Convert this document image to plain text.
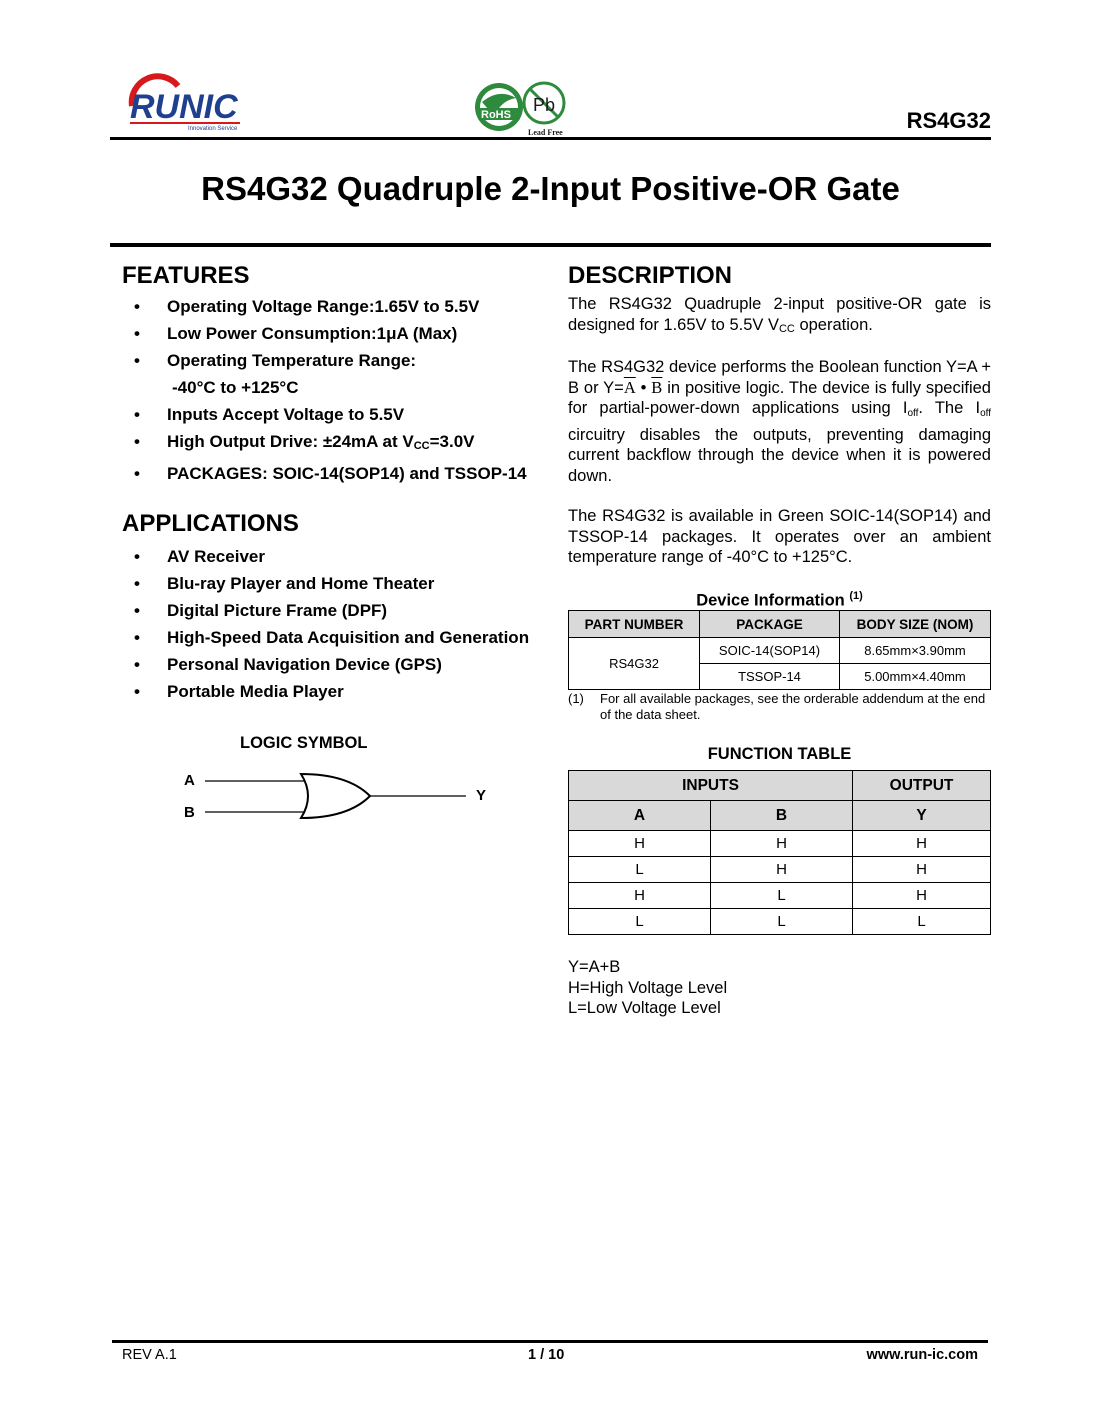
RUNIC
Innovation Service
RoHS Pb
Lead Free	RS4G32
RS4G32 Quadruple 2-Input Positive-OR Gate
FEATURES
• Operating Voltage Range:1.65V to 5.5V
• Low Power Consumption:1μA (Max)
• Operating Temperature Range:
-40°C to +125°C
• Inputs Accept Voltage to 5.5V
• High Output Drive: ±24mA at $V_{CC}=3.0V$
• PACKAGES: SOIC-14(SOP14) and TSSOP-14
APPLICATIONS
• AV Receiver
• Blu-ray Player and Home Theater
• Digital Picture Frame (DPF)
• High-Speed Data Acquisition and Generation
• Personal Navigation Device (GPS)
• Portable Media Player
LOGIC SYMBOL
A
B
Y
DESCRIPTION
The RS4G32 Quadruple 2-input positive-OR gate is designed for 1.65V to 5.5V $V_{CC}$ operation.
The RS4G32 device performs the Boolean function Y=A + B or $Y=\overline{A}$ • $\overline{B}$ in positive logic. The device is fully specified for partial-power-down applications using Ioff. The Ioff circuitry disables the outputs, preventing damaging current backflow through the device when it is powered down.
The RS4G32 is available in Green SOIC-14(SOP14) and TSSOP-14 packages. It operates over an ambient temperature range of -40°C to +125°C.
Device Information $^{(1)}$
PART NUMBER	PACKAGE	BODY SIZE (NOM)
RS4G32	SOIC-14(SOP14)	8.65mm×3.90mm
	TSSOP-14	5.00mm×4.40mm
(1) For all available packages, see the orderable addendum at the end of the data sheet.
FUNCTION TABLE
INPUTS		OUTPUT
A	B	Y
H	H	H
L	H	H
H	L	H
L	L	L
Y=A+B
H=High Voltage Level
L=Low Voltage Level
REV A.1	1 / 10	www.run-ic.com
